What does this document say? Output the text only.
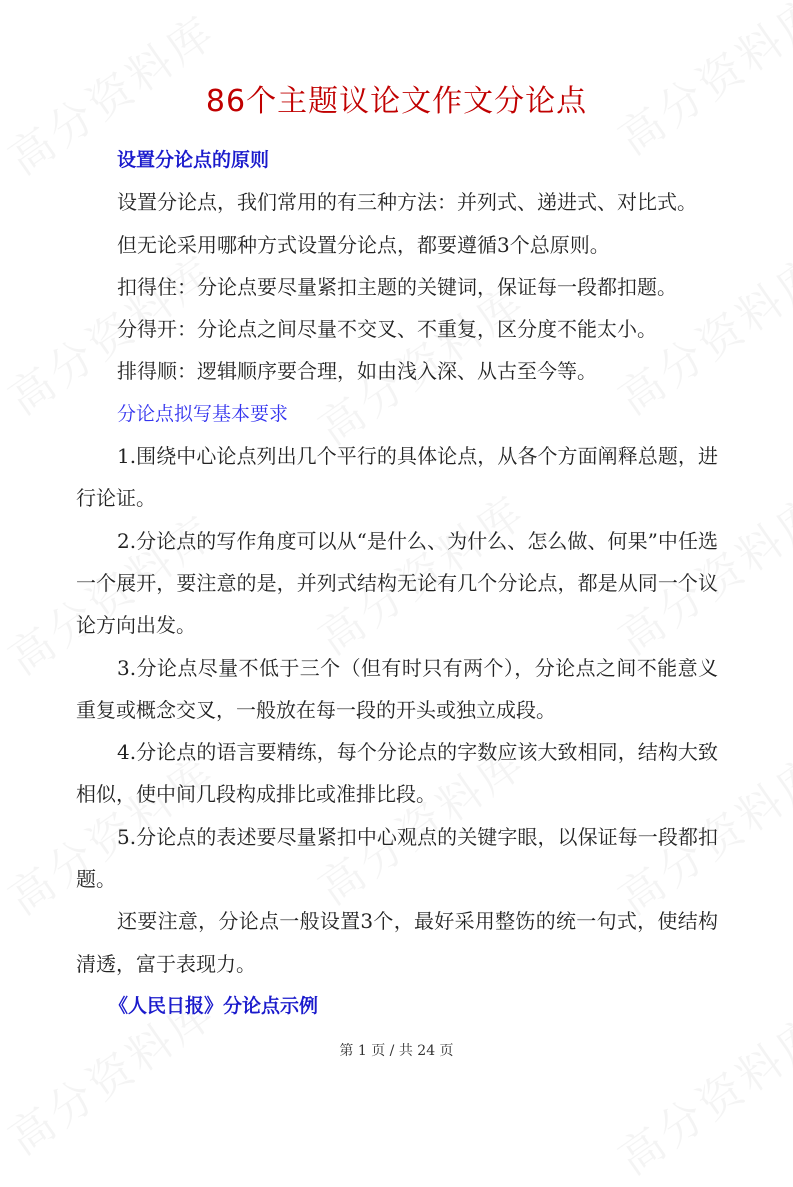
86个主题议论文作文分论点

设置分论点的原则

设置分论点，我们常用的有三种方法：并列式、递进式、对比式。

但无论采用哪种方式设置分论点，都要遵循3个总原则。

扣得住：分论点要尽量紧扣主题的关键词，保证每一段都扣题。

分得开：分论点之间尽量不交叉、不重复，区分度不能太小。

排得顺：逻辑顺序要合理，如由浅入深、从古至今等。

分论点拟写基本要求

1.围绕中心论点列出几个平行的具体论点，从各个方面阐释总题，进行论证。

2.分论点的写作角度可以从“是什么、为什么、怎么做、何果”中任选一个展开，要注意的是，并列式结构无论有几个分论点，都是从同一个议论方向出发。

3.分论点尽量不低于三个（但有时只有两个），分论点之间不能意义重复或概念交叉，一般放在每一段的开头或独立成段。

4.分论点的语言要精练，每个分论点的字数应该大致相同，结构大致相似，使中间几段构成排比或准排比段。

5.分论点的表述要尽量紧扣中心观点的关键字眼，以保证每一段都扣题。

还要注意，分论点一般设置3个，最好采用整饬的统一句式，使结构清透，富于表现力。

《人民日报》分论点示例

第 1 页 / 共 24 页
